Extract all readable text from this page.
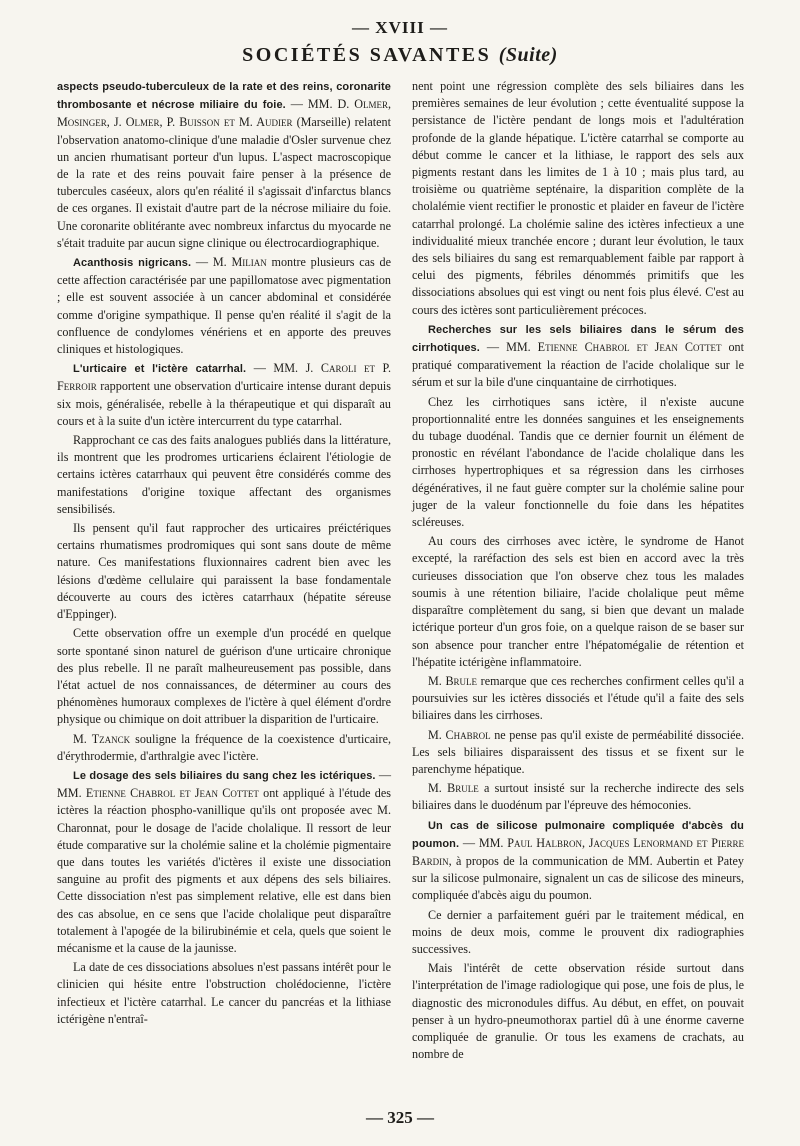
— XVIII —
SOCIÉTÉS SAVANTES (Suite)

aspects pseudo-tuberculeux de la rate et des reins, coronarite thrombosante et nécrose miliaire du foie. — MM. D. Olmer, Mosinger, J. Olmer, P. Buisson et M. Audier (Marseille) relatent l'observation anatomo-clinique d'une maladie d'Osler survenue chez un ancien rhumatisant porteur d'un lupus. L'aspect macroscopique de la rate et des reins pouvait faire penser à la présence de tubercules caséeux, alors qu'en réalité il s'agissait d'infarctus blancs de ces organes. Il existait d'autre part de la nécrose miliaire du foie. Une coronarite oblitérante avec nombreux infarctus du myocarde ne s'était traduite par aucun signe clinique ou électrocardiographique.

Acanthosis nigricans. — M. Milian montre plusieurs cas de cette affection caractérisée par une papillomatose avec pigmentation ; elle est souvent associée à un cancer abdominal et considérée comme d'origine sympathique. Il pense qu'en réalité il s'agit de la confluence de condylomes vénériens et en apporte des preuves cliniques et histologiques.

L'urticaire et l'ictère catarrhal. — MM. J. Caroli et P. Ferroir rapportent une observation d'urticaire intense durant depuis six mois, généralisée, rebelle à la thérapeutique et qui disparaît au cours et à la suite d'un ictère intercurrent du type catarrhal.

Rapprochant ce cas des faits analogues publiés dans la littérature, ils montrent que les prodromes urticariens éclairent l'étiologie de certains ictères catarrhaux qui peuvent être considérés comme des manifestations d'origine toxique affectant des organismes sensibilisés.

Ils pensent qu'il faut rapprocher des urticaires préictériques certains rhumatismes prodromiques qui sont sans doute de même nature. Ces manifestations fluxionnaires cadrent bien avec les lésions d'œdème cellulaire qui paraissent la base fondamentale découverte au cours des ictères catarrhaux (hépatite séreuse d'Eppinger).

Cette observation offre un exemple d'un procédé en quelque sorte spontané sinon naturel de guérison d'une urticaire chronique des plus rebelle. Il ne paraît malheureusement pas possible, dans l'état actuel de nos connaissances, de déterminer au cours des phénomènes humoraux complexes de l'ictère à quel élément d'ordre physique ou chimique on doit attribuer la disparition de l'urticaire.

M. Tzanck souligne la fréquence de la coexistence d'urticaire, d'érythrodermie, d'arthralgie avec l'ictère.

Le dosage des sels biliaires du sang chez les ictériques. — MM. Etienne Chabrol et Jean Cottet ont appliqué à l'étude des ictères la réaction phospho-vanillique qu'ils ont proposée avec M. Charonnat, pour le dosage de l'acide cholalique. Il ressort de leur étude comparative sur la cholémie saline et la cholémie pigmentaire que dans toutes les variétés d'ictères il existe une dissociation sanguine au profit des pigments et aux dépens des sels biliaires. Cette dissociation n'est pas simplement relative, elle est dans bien des cas absolue, en ce sens que l'acide cholalique peut disparaître totalement à l'apogée de la bilirubinémie et cela, quels que soient le mécanisme et la cause de la jaunisse.

La date de ces dissociations absolues n'est passans intérêt pour le clinicien qui hésite entre l'obstruction cholédocienne, l'ictère infectieux et l'ictère catarrhal. Le cancer du pancréas et la lithiase ictérigène n'entraî-

nent point une régression complète des sels biliaires dans les premières semaines de leur évolution ; cette éventualité suppose la persistance de l'ictère pendant de longs mois et l'adultération profonde de la glande hépatique. L'ictère catarrhal se comporte au début comme le cancer et la lithiase, le rapport des sels aux pigments restant dans les limites de 1 à 10 ; mais plus tard, au troisième ou quatrième septénaire, la disparition complète de la cholalémie vient rectifier le pronostic et plaider en faveur de l'ictère catarrhal prolongé. La cholémie saline des ictères infectieux a une individualité mieux tranchée encore ; durant leur évolution, le taux des sels biliaires du sang est remarquablement faible par rapport à celui des pigments, fébriles dénommés primitifs que les dissociations absolues qui est vingt ou nent fois plus élevé. C'est au cours des ictères sont particulièrement précoces.

Recherches sur les sels biliaires dans le sérum des cirrhotiques. — MM. Etienne Chabrol et Jean Cottet ont pratiqué comparativement la réaction de l'acide cholalique sur le sérum et sur la bile d'une cinquantaine de cirrhotiques.

Chez les cirrhotiques sans ictère, il n'existe aucune proportionnalité entre les données sanguines et les enseignements du tubage duodénal. Tandis que ce dernier fournit un élément de pronostic en révélant l'abondance de l'acide cholalique dans les cirrhoses hypertrophiques et sa régression dans les cirrhoses dégénératives, il ne faut guère compter sur la cholémie saline pour juger de la valeur fonctionnelle du foie dans les hépatites scléreuses.

Au cours des cirrhoses avec ictère, le syndrome de Hanot excepté, la raréfaction des sels est bien en accord avec la très curieuses dissociation que l'on observe chez tous les malades soumis à une rétention biliaire, l'acide cholalique peut même disparaître complètement du sang, si bien que devant un malade ictérique porteur d'un gros foie, on a quelque raison de se baser sur son absence pour trancher entre l'hépatomégalie de rétention et l'hépatite ictérigène inflammatoire.

M. Brule remarque que ces recherches confirment celles qu'il a poursuivies sur les ictères dissociés et l'étude qu'il a faite des sels biliaires dans les cirrhoses.

M. Chabrol ne pense pas qu'il existe de perméabilité dissociée. Les sels biliaires disparaissent des tissus et se fixent sur le parenchyme hépatique.

M. Brule a surtout insisté sur la recherche indirecte des sels biliaires dans le duodénum par l'épreuve des hémoconies.

Un cas de silicose pulmonaire compliquée d'abcès du poumon. — MM. Paul Halbron, Jacques Lenormand et Pierre Bardin, à propos de la communication de MM. Aubertin et Patey sur la silicose pulmonaire, signalent un cas de silicose des mineurs, compliquée d'abcès aigu du poumon.

Ce dernier a parfaitement guéri par le traitement médical, en moins de deux mois, comme le prouvent dix radiographies successives.

Mais l'intérêt de cette observation réside surtout dans l'interprétation de l'image radiologique qui pose, une fois de plus, le diagnostic des micronodules diffus. Au début, en effet, on pouvait penser à un hydro-pneumothorax partiel dû à une énorme caverne compliquée de granulie. Or tous les examens de crachats, au nombre de

— 325 —
